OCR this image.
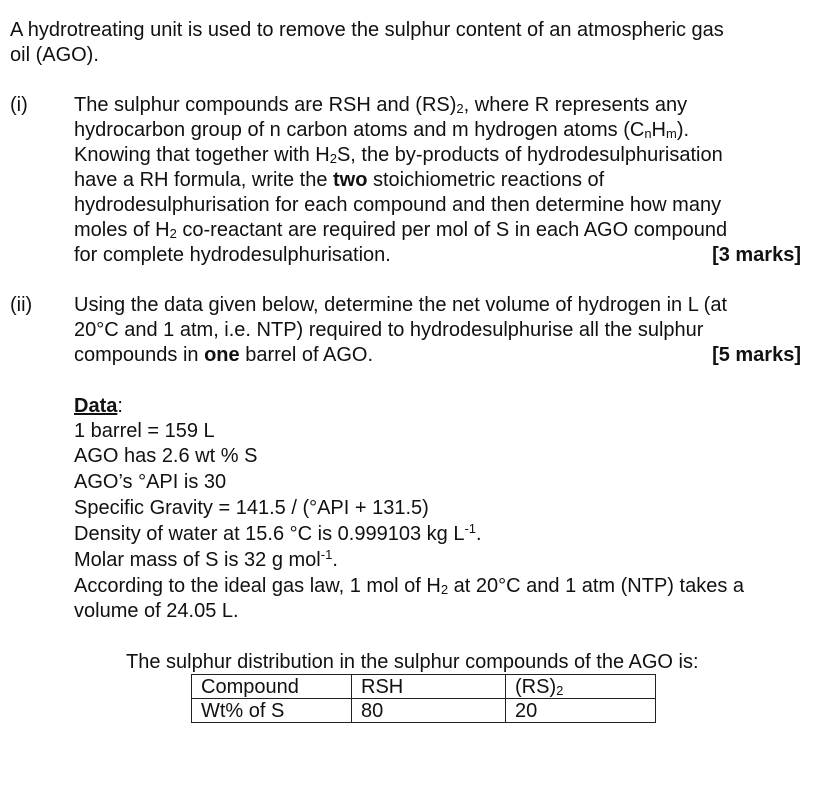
A hydrotreating unit is used to remove the sulphur content of an atmospheric gas
oil (AGO).
(i) The sulphur compounds are RSH and $(RS)_2$, where R represents any
hydrocarbon group of n carbon atoms and m hydrogen atoms $(C_nH_m)$.
Knowing that together with $H_2S$, the by-products of hydrodesulphurisation
have a RH formula, write the two stoichiometric reactions of
hydrodesulphurisation for each compound and then determine how many
moles of $H_2$ co-reactant are required per mol of S in each AGO compound
for complete hydrodesulphurisation.	[3 marks]
(ii) Using the data given below, determine the net volume of hydrogen in L (at
20°C and 1 atm, i.e. NTP) required to hydrodesulphurise all the sulphur
compounds in one barrel of AGO.	[5 marks]
Data:
1 barrel = 159 L
AGO has 2.6 wt % S
AGO’s °API is 30
Specific Gravity = 141.5 / (°API + 131.5)
Density of water at 15.6 °C is 0.999103 kg $L^{-1}$.
Molar mass of S is 32 g mol$^{-1}$.
According to the ideal gas law, 1 mol of $H_2$ at 20°C and 1 atm (NTP) takes a
volume of 24.05 L.
The sulphur distribution in the sulphur compounds of the AGO is:
Compound	RSH	$(RS)_2$
Wt% of S	80	20
